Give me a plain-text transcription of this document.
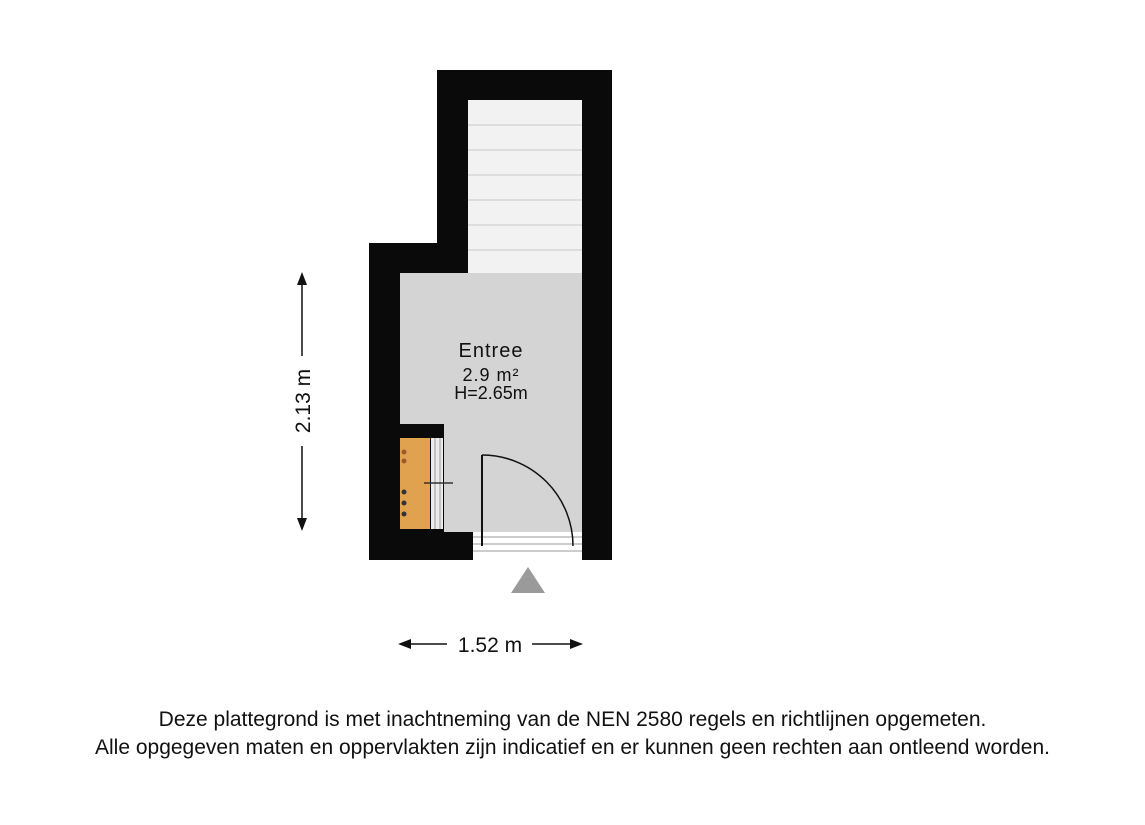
Entree
2.9 m²
H=2.65m
2.13 m
1.52 m
Deze plattegrond is met inachtneming van de NEN 2580 regels en richtlijnen opgemeten.
Alle opgegeven maten en oppervlakten zijn indicatief en er kunnen geen rechten aan ontleend worden.
